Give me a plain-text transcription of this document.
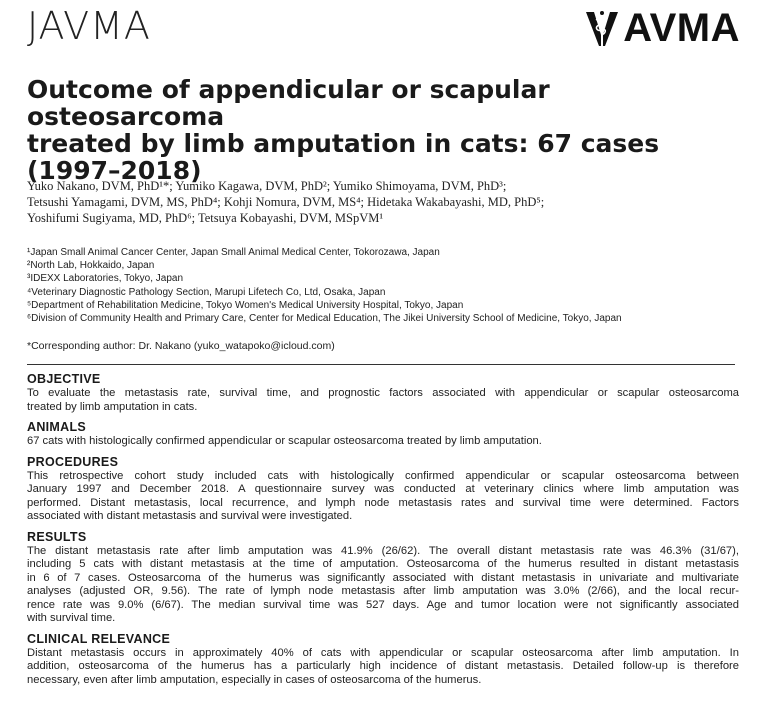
JAVMA	AVMA
Outcome of appendicular or scapular osteosarcoma
treated by limb amputation in cats: 67 cases
(1997–2018)
Yuko Nakano, DVM, PhD¹*; Yumiko Kagawa, DVM, PhD²; Yumiko Shimoyama, DVM, PhD³;
Tetsushi Yamagami, DVM, MS, PhD⁴; Kohji Nomura, DVM, MS⁴; Hidetaka Wakabayashi, MD, PhD⁵;
Yoshifumi Sugiyama, MD, PhD⁶; Tetsuya Kobayashi, DVM, MSpVM¹
¹Japan Small Animal Cancer Center, Japan Small Animal Medical Center, Tokorozawa, Japan
²North Lab, Hokkaido, Japan
³IDEXX Laboratories, Tokyo, Japan
⁴Veterinary Diagnostic Pathology Section, Marupi Lifetech Co, Ltd, Osaka, Japan
⁵Department of Rehabilitation Medicine, Tokyo Women's Medical University Hospital, Tokyo, Japan
⁶Division of Community Health and Primary Care, Center for Medical Education, The Jikei University School of Medicine, Tokyo, Japan
*Corresponding author: Dr. Nakano (yuko_watapoko@icloud.com)
OBJECTIVE

To evaluate the metastasis rate, survival time, and prognostic factors associated with appendicular or scapular osteosarcoma
treated by limb amputation in cats.

ANIMALS

67 cats with histologically confirmed appendicular or scapular osteosarcoma treated by limb amputation.

PROCEDURES

This retrospective cohort study included cats with histologically confirmed appendicular or scapular osteosarcoma between
January 1997 and December 2018. A questionnaire survey was conducted at veterinary clinics where limb amputation was
performed. Distant metastasis, local recurrence, and lymph node metastasis rates and survival time were determined. Factors
associated with distant metastasis and survival were investigated.

RESULTS

The distant metastasis rate after limb amputation was 41.9% (26/62). The overall distant metastasis rate was 46.3% (31/67),
including 5 cats with distant metastasis at the time of amputation. Osteosarcoma of the humerus resulted in distant metastasis
in 6 of 7 cases. Osteosarcoma of the humerus was significantly associated with distant metastasis in univariate and multivariate
analyses (adjusted OR, 9.56). The rate of lymph node metastasis after limb amputation was 3.0% (2/66), and the local recur-
rence rate was 9.0% (6/67). The median survival time was 527 days. Age and tumor location were not significantly associated
with survival time.

CLINICAL RELEVANCE

Distant metastasis occurs in approximately 40% of cats with appendicular or scapular osteosarcoma after limb amputation. In
addition, osteosarcoma of the humerus has a particularly high incidence of distant metastasis. Detailed follow-up is therefore
necessary, even after limb amputation, especially in cases of osteosarcoma of the humerus.
